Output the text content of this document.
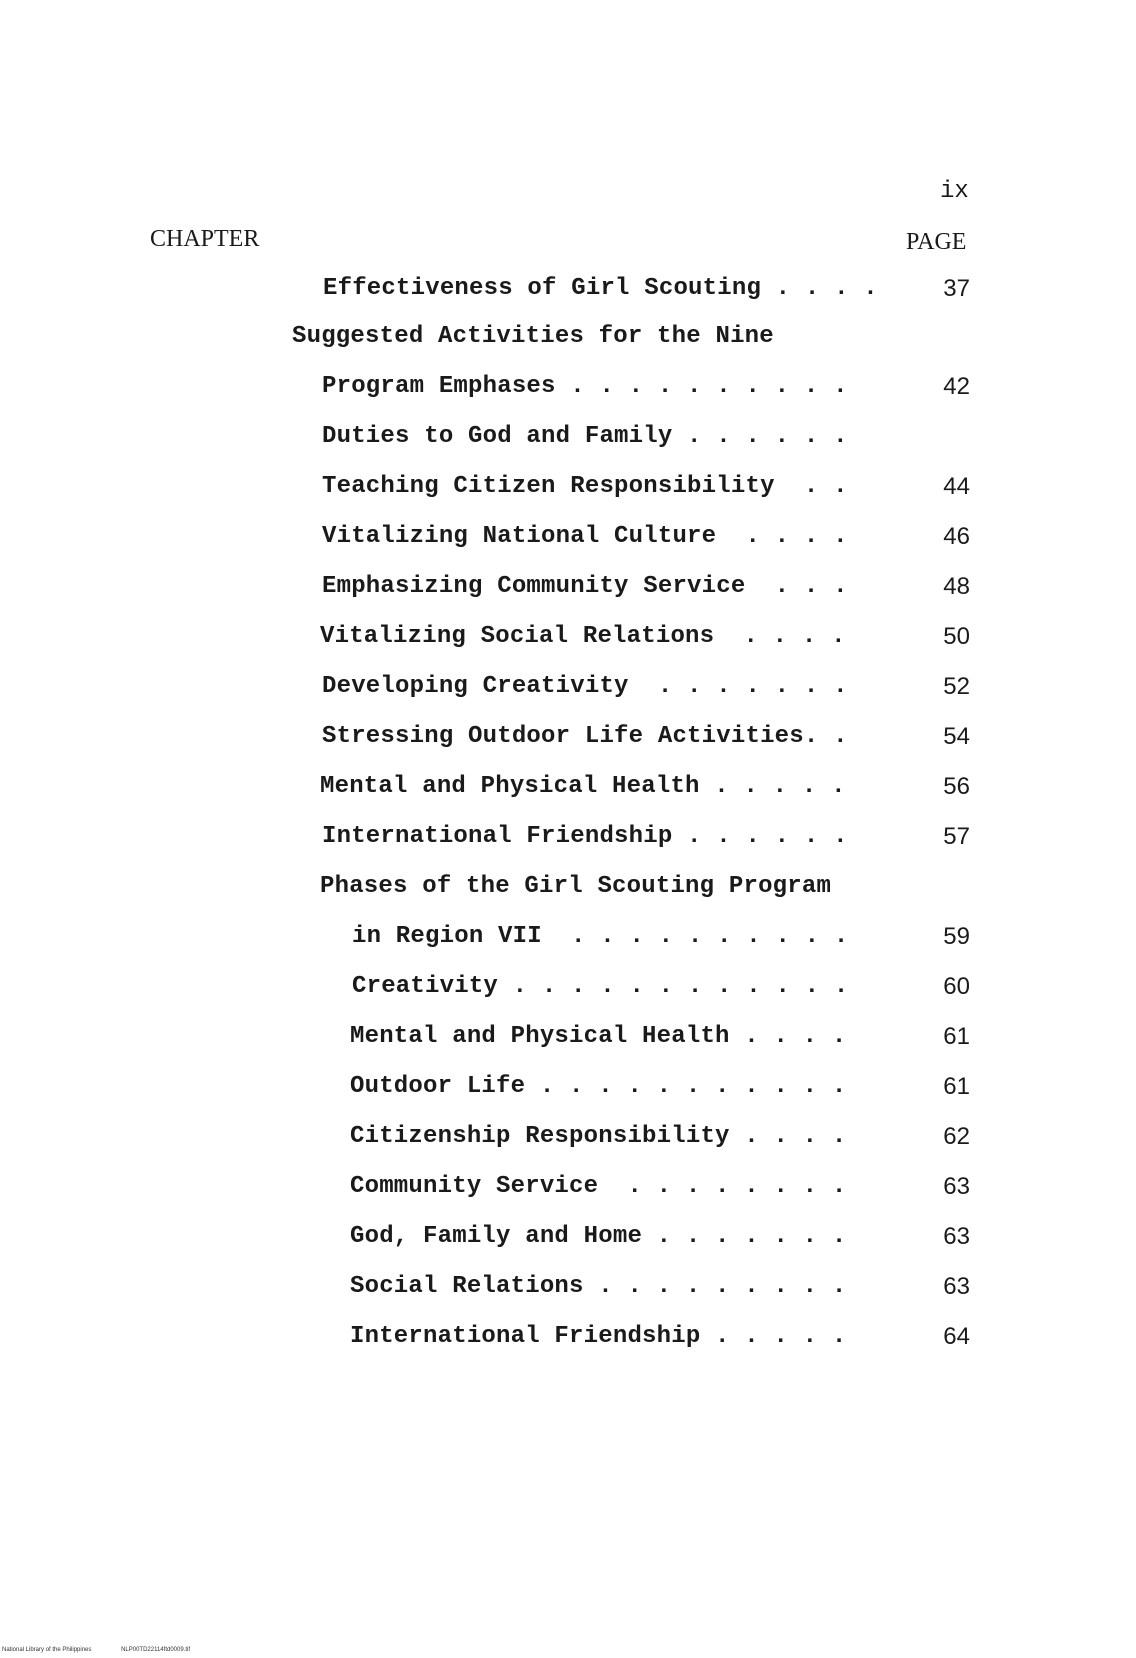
ix
CHAPTER	PAGE
Effectiveness of Girl Scouting . . . .	37
Suggested Activities for the Nine
Program Emphases . . . . . . . . . .	42
Duties to God and Family . . . . . .
Teaching Citizen Responsibility  . .	44
Vitalizing National Culture  . . . .	46
Emphasizing Community Service  . . .	48
Vitalizing Social Relations  . . . .	50
Developing Creativity  . . . . . . .	52
Stressing Outdoor Life Activities. .	54
Mental and Physical Health . . . . .	56
International Friendship . . . . . .	57
Phases of the Girl Scouting Program
in Region VII  . . . . . . . . . .	59
Creativity . . . . . . . . . . . .	60
Mental and Physical Health . . . .	61
Outdoor Life . . . . . . . . . . .	61
Citizenship Responsibility . . . .	62
Community Service  . . . . . . . .	63
God, Family and Home . . . . . . .	63
Social Relations . . . . . . . . .	63
International Friendship . . . . .	64
National Library of the Philippines	NLP00TD22114ftd0009.tif
